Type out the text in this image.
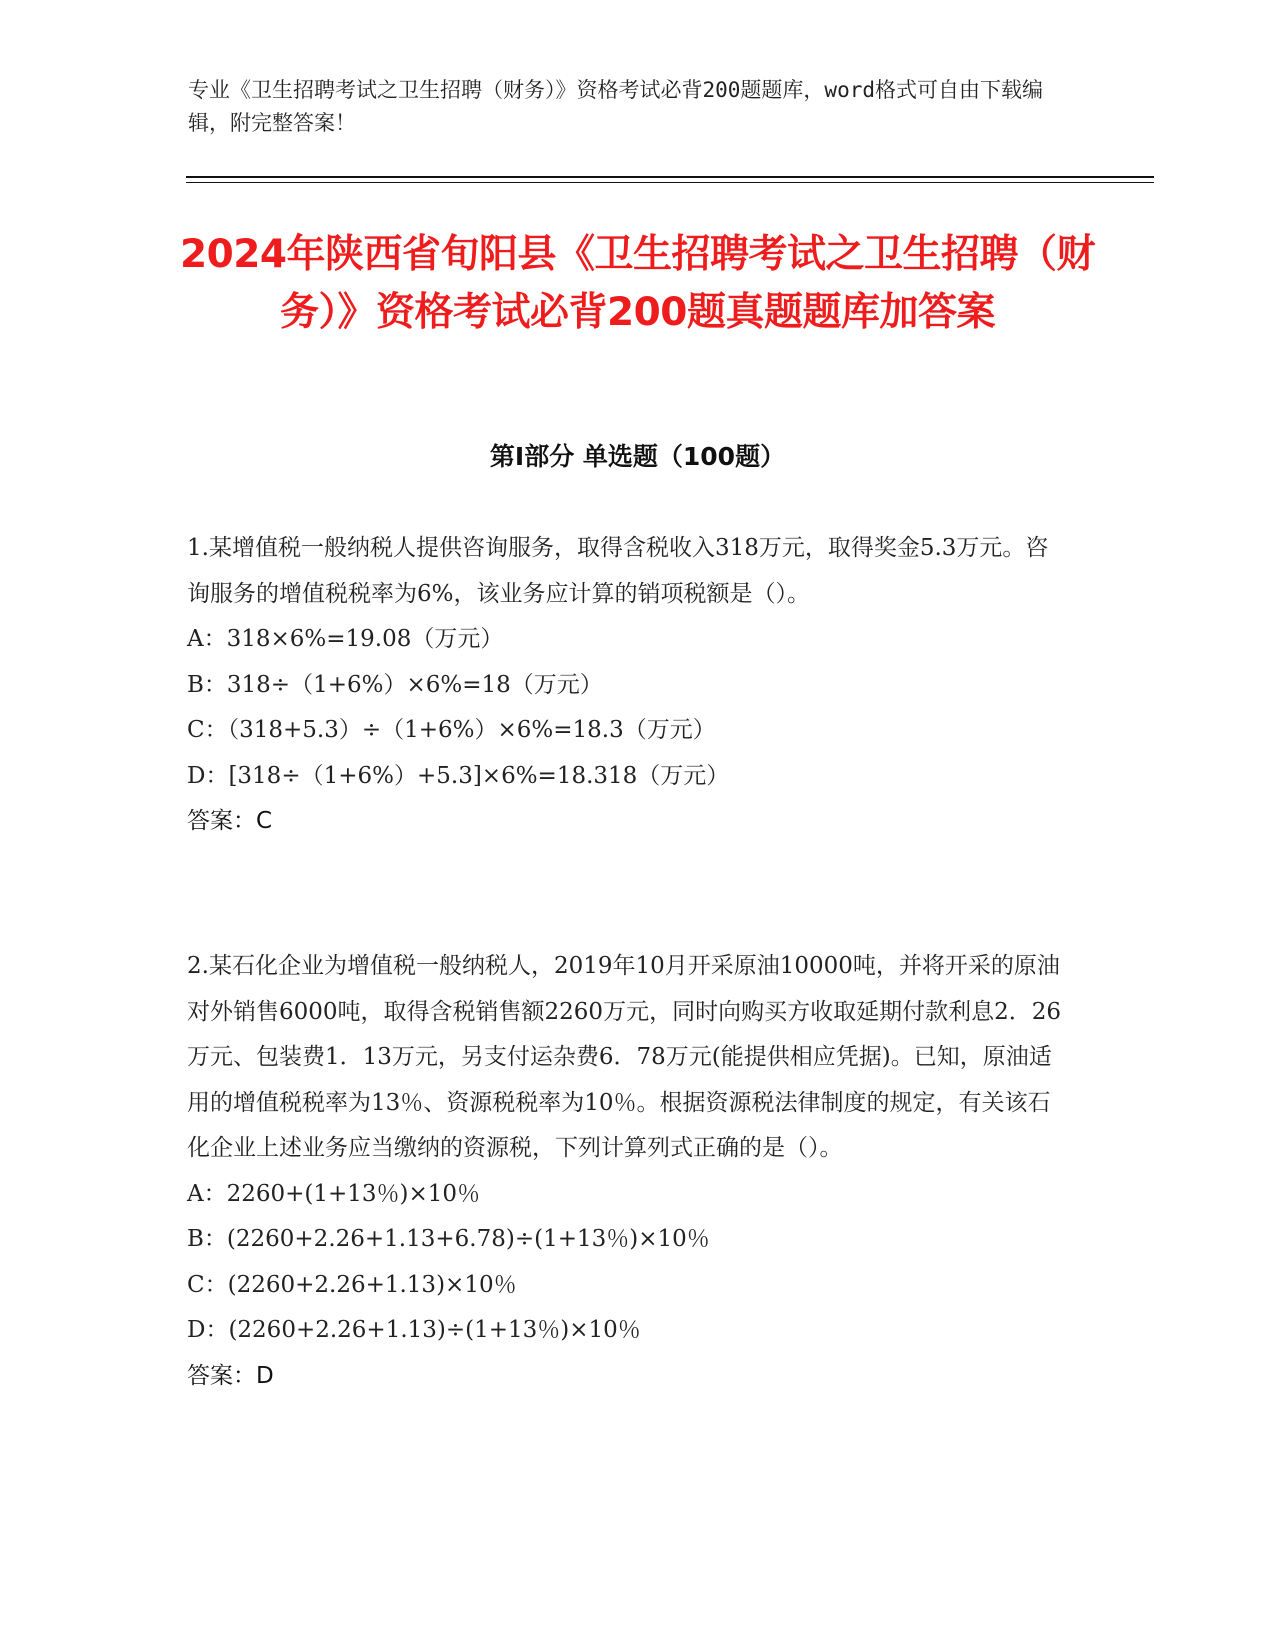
专业《卫生招聘考试之卫生招聘（财务）》资格考试必背200题题库，word格式可自由下载编辑，附完整答案！
2024年陕西省旬阳县《卫生招聘考试之卫生招聘（财务）》资格考试必背200题真题题库加答案
第I部分 单选题（100题）

1.某增值税一般纳税人提供咨询服务，取得含税收入318万元，取得奖金5.3万元。咨询服务的增值税税率为6%，该业务应计算的销项税额是（）。

A：318×6%=19.08（万元）

B：318÷（1+6%）×6%=18（万元）

C：（318+5.3）÷（1+6%）×6%=18.3（万元）

D：[318÷（1+6%）+5.3]×6%=18.318（万元）

答案：C

2.某石化企业为增值税一般纳税人，2019年10月开采原油10000吨，并将开采的原油对外销售6000吨，取得含税销售额2260万元，同时向购买方收取延期付款利息2．26万元、包装费1．13万元，另支付运杂费6．78万元(能提供相应凭据)。已知，原油适用的增值税税率为13％、资源税税率为10％。根据资源税法律制度的规定，有关该石化企业上述业务应当缴纳的资源税，下列计算列式正确的是（）。

A：2260+(1+13％)×10％

B：(2260+2.26+1.13+6.78)÷(1+13％)×10％

C：(2260+2.26+1.13)×10％

D：(2260+2.26+1.13)÷(1+13％)×10％

答案：D
